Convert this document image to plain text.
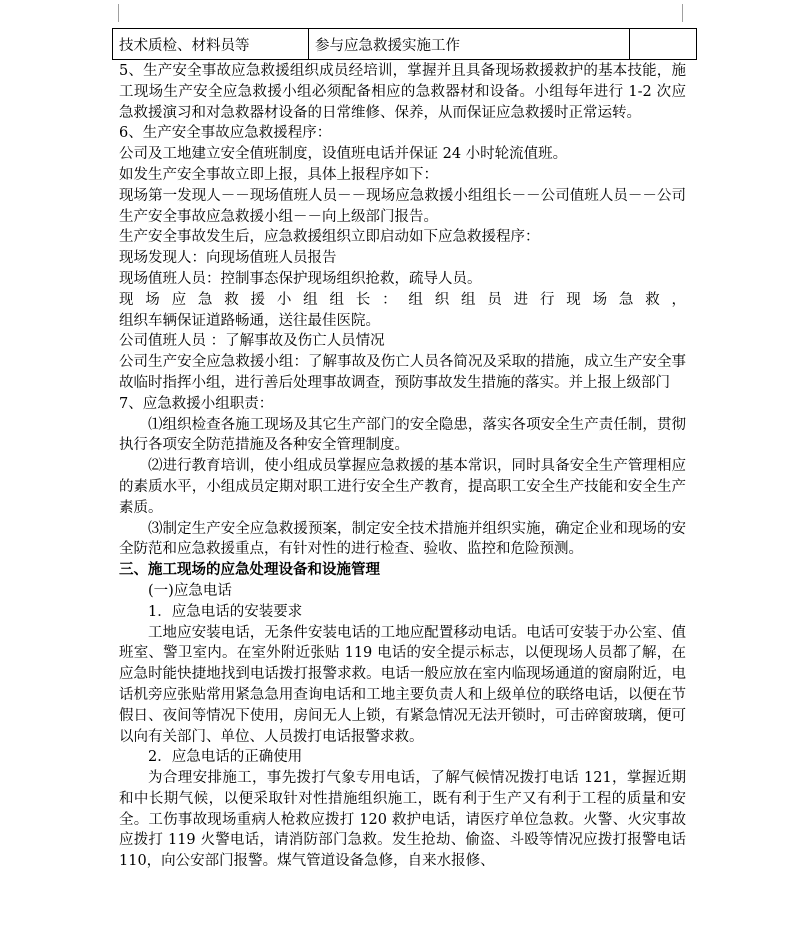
技术质检、材料员等	参与应急救援实施工作	

5、生产安全事故应急救援组织成员经培训，掌握并且具备现场救援救护的基本技能，施工现场生产安全应急救援小组必须配备相应的急救器材和设备。小组每年进行 1-2 次应急救援演习和对急救器材设备的日常维修、保养，从而保证应急救援时正常运转。

6、生产安全事故应急救援程序：

公司及工地建立安全值班制度，设值班电话并保证 24 小时轮流值班。

如发生产安全事故立即上报，具体上报程序如下：

现场第一发现人－－现场值班人员－－现场应急救援小组组长－－公司值班人员－－公司生产安全事故应急救援小组－－向上级部门报告。

生产安全事故发生后，应急救援组织立即启动如下应急救援程序：

现场发现人：向现场值班人员报告

现场值班人员：控制事态保护现场组织抢救，疏导人员。

现场应急救援小组组长：组织组员进行现场急救，

组织车辆保证道路畅通，送往最佳医院。

公司值班人员 ：了解事故及伤亡人员情况

公司生产安全应急救援小组：了解事故及伤亡人员各简况及采取的措施，成立生产安全事故临时指挥小组，进行善后处理事故调查，预防事故发生措施的落实。并上报上级部门

7、应急救援小组职责：

⑴组织检查各施工现场及其它生产部门的安全隐患，落实各项安全生产责任制，贯彻执行各项安全防范措施及各种安全管理制度。

⑵进行教育培训，使小组成员掌握应急救援的基本常识，同时具备安全生产管理相应的素质水平，小组成员定期对职工进行安全生产教育，提高职工安全生产技能和安全生产素质。

⑶制定生产安全应急救援预案，制定安全技术措施并组织实施，确定企业和现场的安全防范和应急救援重点，有针对性的进行检查、验收、监控和危险预测。

三、施工现场的应急处理设备和设施管理

(一)应急电话

1．应急电话的安装要求

工地应安装电话，无条件安装电话的工地应配置移动电话。电话可安装于办公室、值班室、警卫室内。在室外附近张贴 119 电话的安全提示标志，以便现场人员都了解，在应急时能快捷地找到电话拨打报警求救。电话一般应放在室内临现场通道的窗扇附近，电话机旁应张贴常用紧急急用查询电话和工地主要负责人和上级单位的联络电话，以便在节假日、夜间等情况下使用，房间无人上锁，有紧急情况无法开锁时，可击碎窗玻璃，便可以向有关部门、单位、人员拨打电话报警求救。

2．应急电话的正确使用

为合理安排施工，事先拨打气象专用电话，了解气候情况拨打电话 121，掌握近期和中长期气候，以便采取针对性措施组织施工，既有利于生产又有利于工程的质量和安全。工伤事故现场重病人枪救应拨打 120 救护电话，请医疗单位急救。火警、火灾事故应拨打 119 火警电话，请消防部门急救。发生抢劫、偷盗、斗殴等情况应拨打报警电话 110，向公安部门报警。煤气管道设备急修，自来水报修、
